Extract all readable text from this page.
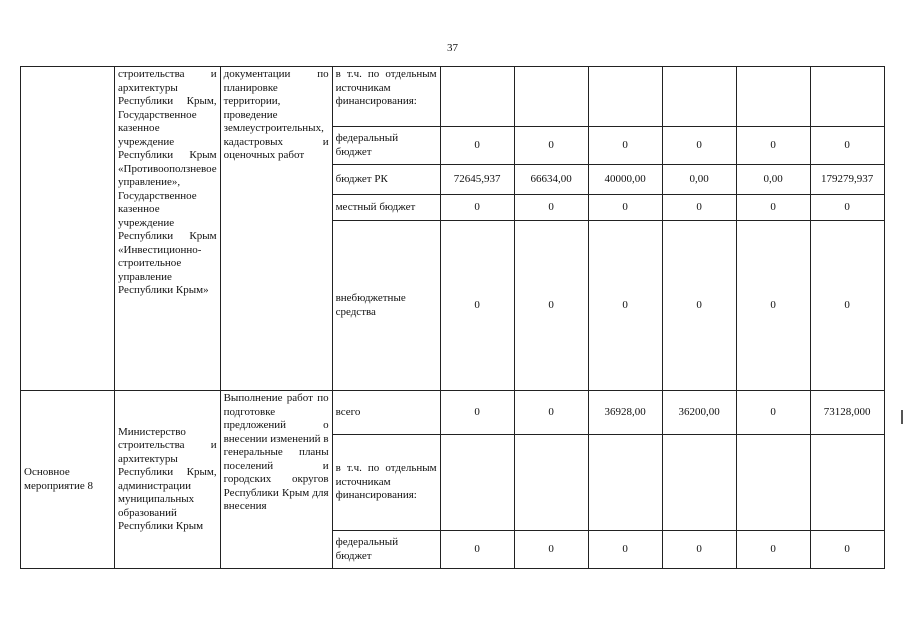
37
	строительства и архитектуры Республики Крым, Государственное казенное учреждение Республики Крым «Противооползневое управление», Государственное казенное учреждение Республики Крым «Инвестиционно-строительное управление Республики Крым»	документации по планировке территории, проведение землеустроительных, кадастровых и оценочных работ	в т.ч. по отдельным источникам финансирования:						
			федеральный бюджет	0	0	0	0	0	0
			бюджет РК	72645,937	66634,00	40000,00	0,00	0,00	179279,937
			местный бюджет	0	0	0	0	0	0
			внебюджетные средства	0	0	0	0	0	0
Основное мероприятие 8	Министерство строительства и архитектуры Республики Крым, администрации муниципальных образований Республики Крым	Выполнение работ по подготовке предложений о внесении изменений в генеральные планы поселений и городских округов Республики Крым для внесения	всего	0	0	36928,00	36200,00	0	73128,000
			в т.ч. по отдельным источникам финансирования:						
			федеральный бюджет	0	0	0	0	0	0
